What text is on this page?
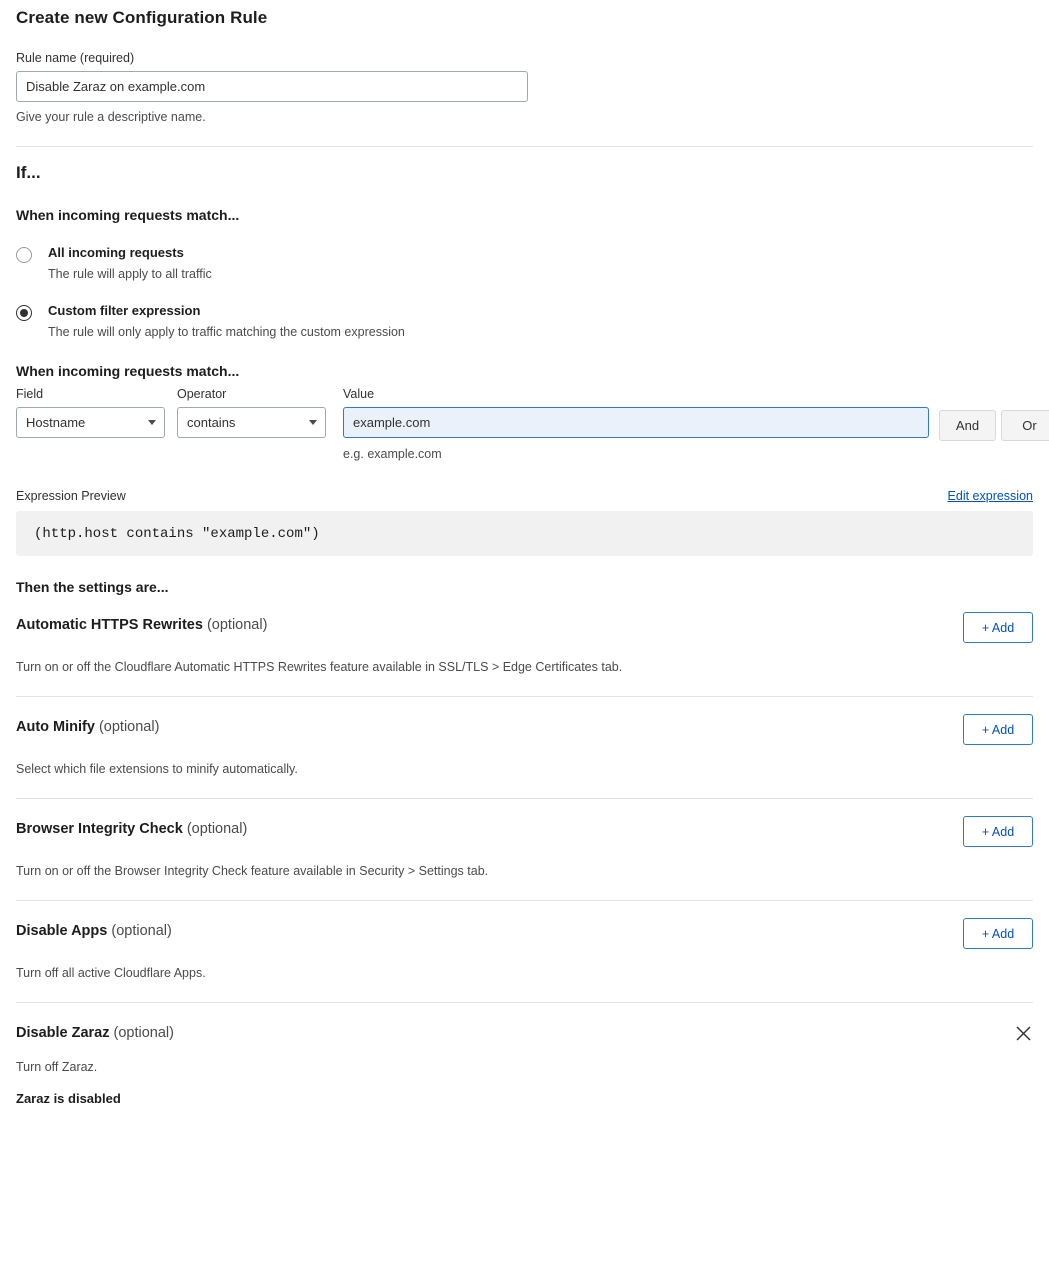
Create new Configuration Rule
Rule name (required)
Disable Zaraz on example.com
Give your rule a descriptive name.
If...
When incoming requests match...
All incoming requests
The rule will apply to all traffic
Custom filter expression
The rule will only apply to traffic matching the custom expression
When incoming requests match...
Field
Hostname
Operator
contains
Value
example.com
e.g. example.com
And	Or
Expression Preview	Edit expression
(http.host contains "example.com")
Then the settings are...
Automatic HTTPS Rewrites (optional)	+ Add
Turn on or off the Cloudflare Automatic HTTPS Rewrites feature available in SSL/TLS > Edge Certificates tab.
Auto Minify (optional)	+ Add
Select which file extensions to minify automatically.
Browser Integrity Check (optional)	+ Add
Turn on or off the Browser Integrity Check feature available in Security > Settings tab.
Disable Apps (optional)	+ Add
Turn off all active Cloudflare Apps.
Disable Zaraz (optional)
Turn off Zaraz.
Zaraz is disabled
